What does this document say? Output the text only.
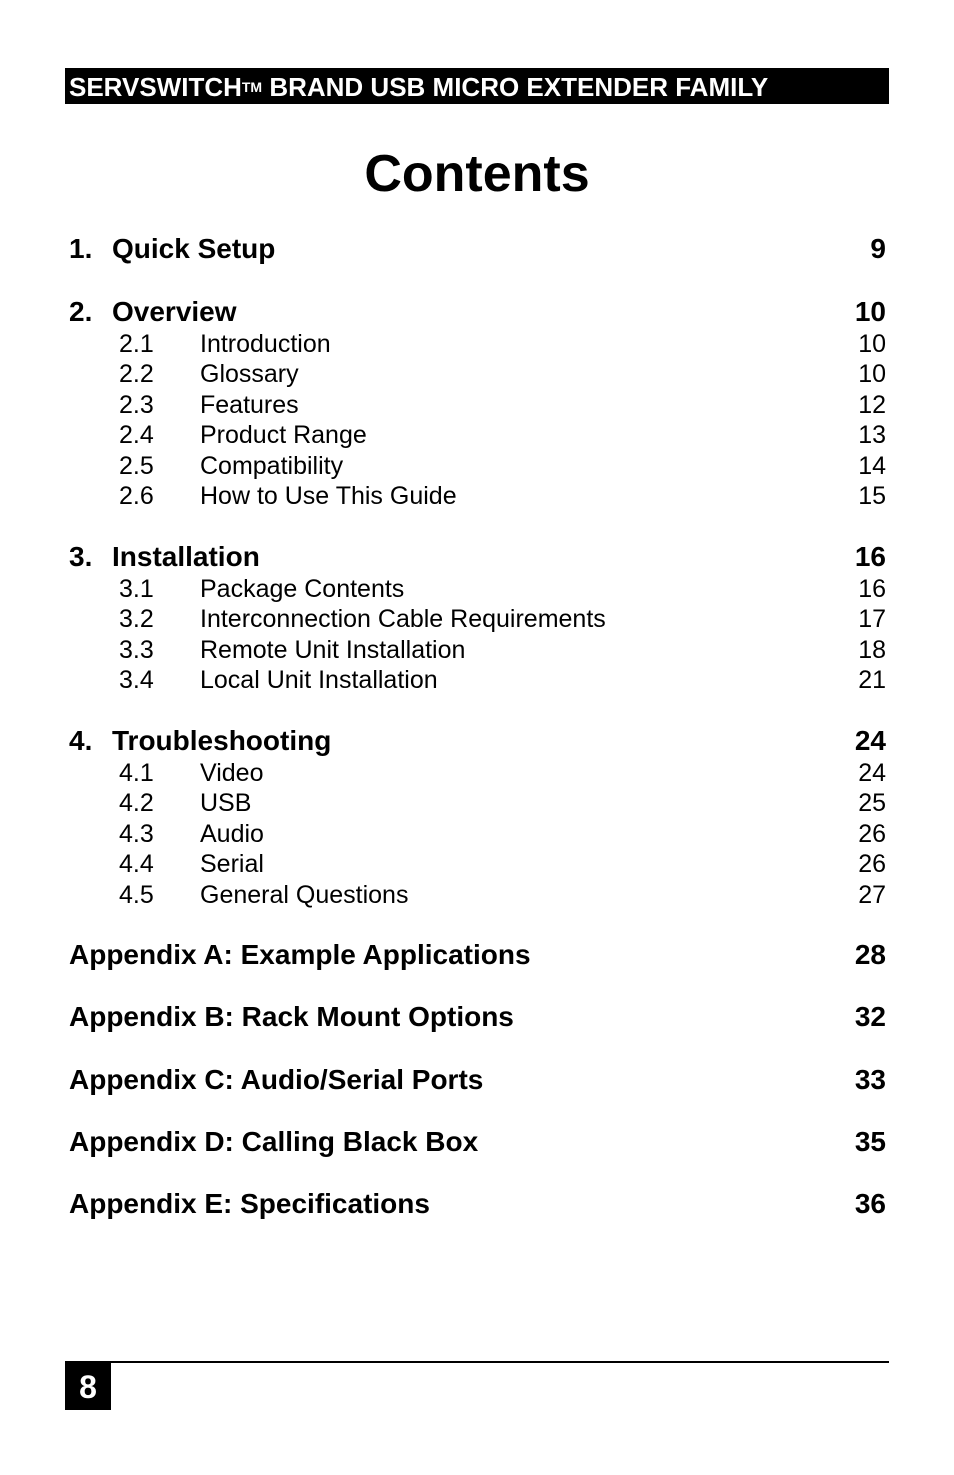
SERVSWITCHTM BRAND USB MICRO EXTENDER FAMILY
Contents
1. Quick Setup	9
2. Overview	10
2.1 Introduction	10
2.2 Glossary	10
2.3 Features	12
2.4 Product Range	13
2.5 Compatibility	14
2.6 How to Use This Guide	15
3. Installation	16
3.1 Package Contents	16
3.2 Interconnection Cable Requirements	17
3.3 Remote Unit Installation	18
3.4 Local Unit Installation	21
4. Troubleshooting	24
4.1 Video	24
4.2 USB	25
4.3 Audio	26
4.4 Serial	26
4.5 General Questions	27
Appendix A: Example Applications	28
Appendix B: Rack Mount Options	32
Appendix C: Audio/Serial Ports	33
Appendix D: Calling Black Box	35
Appendix E: Specifications	36
8
